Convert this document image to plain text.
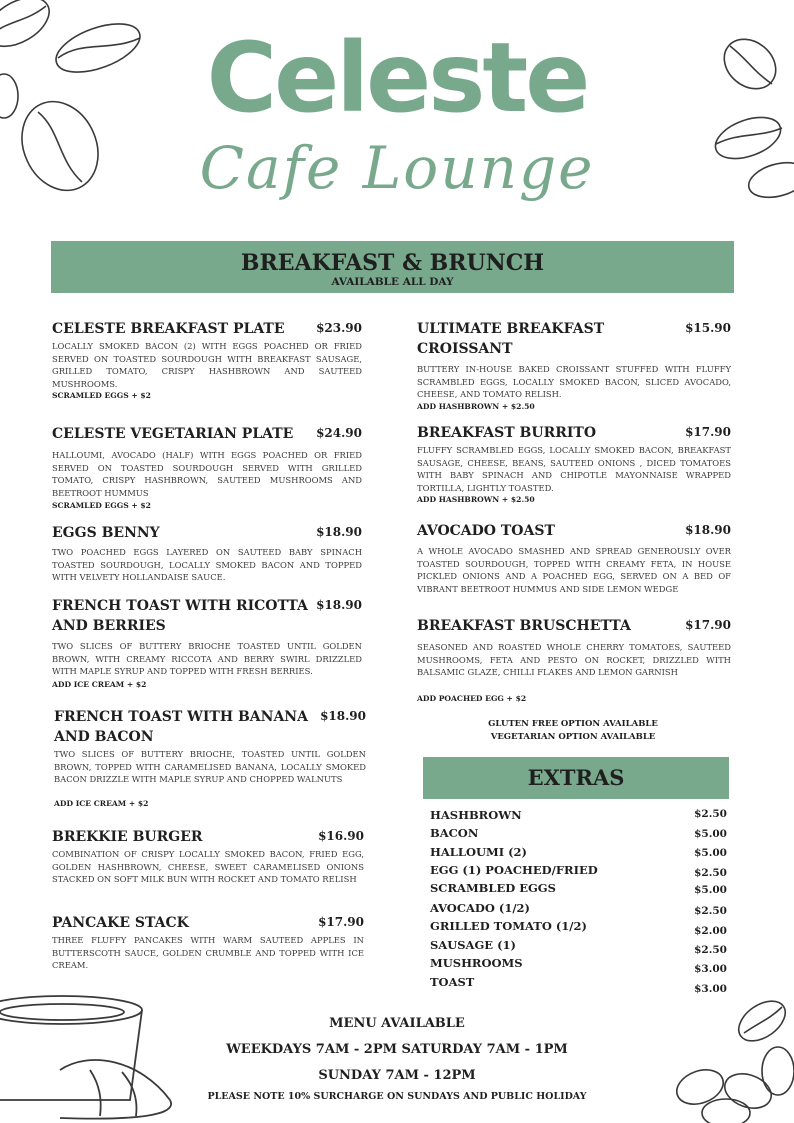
Celeste
Cafe Lounge
BREAKFAST & BRUNCH
AVAILABLE ALL DAY
CELESTE BREAKFAST PLATE	$23.90
LOCALLY SMOKED BACON (2) WITH EGGS POACHED OR FRIED SERVED ON TOASTED SOURDOUGH WITH BREAKFAST SAUSAGE, GRILLED TOMATO, CRISPY HASHBROWN AND SAUTEED MUSHROOMS.
SCRAMLED EGGS + $2
CELESTE VEGETARIAN PLATE $24.90
HALLOUMI, AVOCADO (HALF) WITH EGGS POACHED OR FRIED SERVED ON TOASTED SOURDOUGH SERVED WITH GRILLED TOMATO, CRISPY HASHBROWN, SAUTEED MUSHROOMS AND BEETROOT HUMMUS
SCRAMLED EGGS + $2
EGGS BENNY	$18.90
TWO POACHED EGGS LAYERED ON SAUTEED BABY SPINACH TOASTED SOURDOUGH, LOCALLY SMOKED BACON AND TOPPED WITH VELVETY HOLLANDAISE SAUCE.
FRENCH TOAST WITH RICOTTA
AND BERRIES
$18.90
TWO SLICES OF BUTTERY BRIOCHE TOASTED UNTIL GOLDEN BROWN, WITH CREAMY RICCOTA AND BERRY SWIRL DRIZZLED WITH MAPLE SYRUP AND TOPPED WITH FRESH BERRIES.
ADD ICE CREAM + $2
FRENCH TOAST WITH BANANA
AND BACON
$18.90
TWO SLICES OF BUTTERY BRIOCHE, TOASTED UNTIL GOLDEN BROWN, TOPPED WITH CARAMELISED BANANA, LOCALLY SMOKED BACON DRIZZLE WITH MAPLE SYRUP AND CHOPPED WALNUTS
ADD ICE CREAM + $2
BREKKIE BURGER	$16.90
COMBINATION OF CRISPY LOCALLY SMOKED BACON, FRIED EGG, GOLDEN HASHBROWN, CHEESE, SWEET CARAMELISED ONIONS STACKED ON SOFT MILK BUN WITH ROCKET AND TOMATO RELISH
PANCAKE STACK	$17.90
THREE FLUFFY PANCAKES WITH WARM SAUTEED APPLES IN BUTTERSCOTH SAUCE, GOLDEN CRUMBLE AND TOPPED WITH ICE CREAM.
ULTIMATE BREAKFAST
CROISSANT
$15.90
BUTTERY IN-HOUSE BAKED CROISSANT STUFFED WITH FLUFFY SCRAMBLED EGGS, LOCALLY SMOKED BACON, SLICED AVOCADO, CHEESE, AND TOMATO RELISH.
ADD HASHBROWN + $2.50
BREAKFAST BURRITO	$17.90
FLUFFY SCRAMBLED EGGS, LOCALLY SMOKED BACON, BREAKFAST SAUSAGE, CHEESE, BEANS, SAUTEED ONIONS , DICED TOMATOES WITH BABY SPINACH AND CHIPOTLE MAYONNAISE WRAPPED TORTILLA, LIGHTLY TOASTED.
ADD HASHBROWN + $2.50
AVOCADO TOAST	$18.90
A WHOLE AVOCADO SMASHED AND SPREAD GENEROUSLY OVER TOASTED SOURDOUGH, TOPPED WITH CREAMY FETA, IN HOUSE PICKLED ONIONS AND A POACHED EGG, SERVED ON A BED OF VIBRANT BEETROOT HUMMUS AND SIDE LEMON WEDGE
BREAKFAST BRUSCHETTA	$17.90
SEASONED AND ROASTED WHOLE CHERRY TOMATOES, SAUTEED MUSHROOMS, FETA AND PESTO ON ROCKET, DRIZZLED WITH BALSAMIC GLAZE, CHILLI FLAKES AND LEMON GARNISH
ADD POACHED EGG + $2
GLUTEN FREE OPTION AVAILABLE
VEGETARIAN OPTION AVAILABLE
EXTRAS
HASHBROWN	$2.50
BACON	$5.00
HALLOUMI (2)	$5.00
EGG (1) POACHED/FRIED	$2.50
SCRAMBLED EGGS	$5.00
AVOCADO (1/2)	$2.50
GRILLED TOMATO (1/2)	$2.00
SAUSAGE (1)	$2.50
MUSHROOMS	$3.00
TOAST	$3.00
MENU AVAILABLE
WEEKDAYS 7AM - 2PM SATURDAY 7AM - 1PM
SUNDAY 7AM - 12PM
PLEASE NOTE 10% SURCHARGE ON SUNDAYS AND PUBLIC HOLIDAY
